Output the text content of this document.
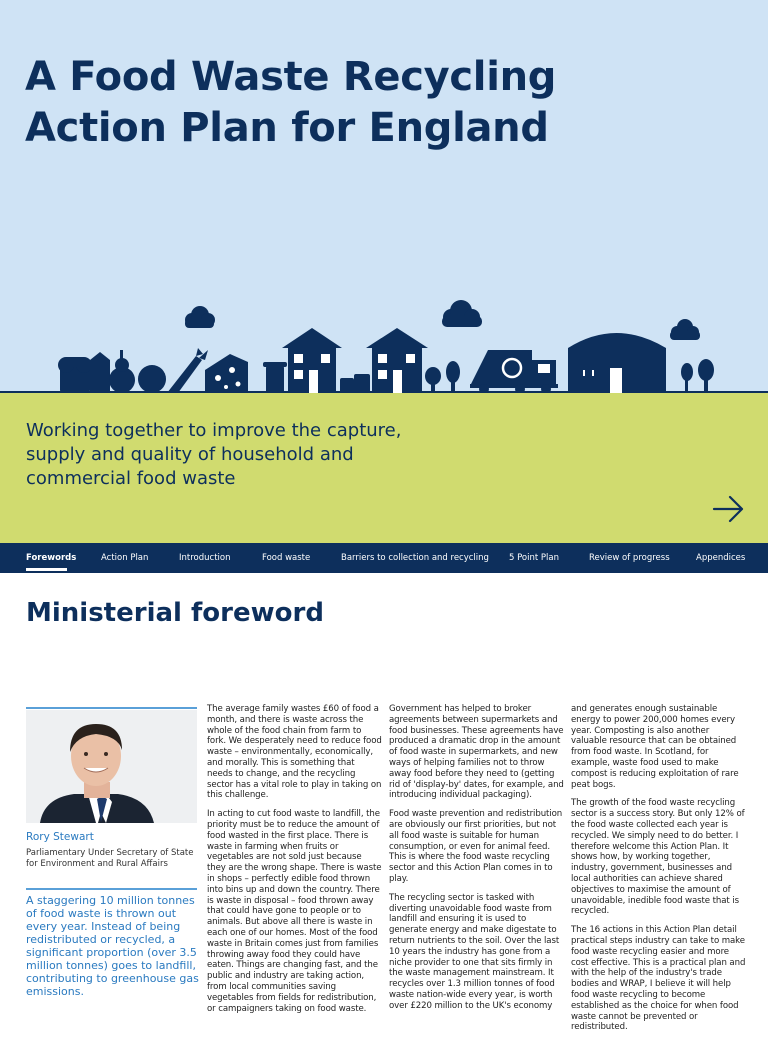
A Food Waste Recycling
Action Plan for England

Working together to improve the capture,
supply and quality of household and
commercial food waste

Forewords	Action Plan	Introduction	Food waste	Barriers to collection and recycling 5 Point Plan	Review of progress	Appendices
Ministerial foreword
Rory Stewart
Parliamentary Under Secretary of State
for Environment and Rural Affairs
A staggering 10 million tonnes of food waste is thrown out every year. Instead of being redistributed or recycled, a significant proportion (over 3.5 million tonnes) goes to landfill, contributing to greenhouse gas emissions.

The average family wastes £60 of food a month, and there is waste across the whole of the food chain from farm to fork. We desperately need to reduce food waste – environmentally, economically, and morally. This is something that needs to change, and the recycling sector has a vital role to play in taking on this challenge.

In acting to cut food waste to landfill, the priority must be to reduce the amount of food wasted in the first place. There is waste in farming when fruits or vegetables are not sold just because they are the wrong shape. There is waste in shops – perfectly edible food thrown into bins up and down the country. There is waste in disposal – food thrown away that could have gone to people or to animals. But above all there is waste in each one of our homes. Most of the food waste in Britain comes just from families throwing away food they could have eaten. Things are changing fast, and the public and industry are taking action, from local communities saving vegetables from fields for redistribution, or campaigners taking on food waste.

Government has helped to broker agreements between supermarkets and food businesses. These agreements have produced a dramatic drop in the amount of food waste in supermarkets, and new ways of helping families not to throw away food before they need to (getting rid of 'display-by' dates, for example, and introducing individual packaging).

Food waste prevention and redistribution are obviously our first priorities, but not all food waste is suitable for human consumption, or even for animal feed. This is where the food waste recycling sector and this Action Plan comes in to play.

The recycling sector is tasked with diverting unavoidable food waste from landfill and ensuring it is used to generate energy and make digestate to return nutrients to the soil. Over the last 10 years the industry has gone from a niche provider to one that sits firmly in the waste management mainstream. It recycles over 1.3 million tonnes of food waste nation-wide every year, is worth over £220 million to the UK's economy

and generates enough sustainable energy to power 200,000 homes every year. Composting is also another valuable resource that can be obtained from food waste. In Scotland, for example, waste food used to make compost is reducing exploitation of rare peat bogs.

The growth of the food waste recycling sector is a success story. But only 12% of the food waste collected each year is recycled. We simply need to do better. I therefore welcome this Action Plan. It shows how, by working together, industry, government, businesses and local authorities can achieve shared objectives to maximise the amount of unavoidable, inedible food waste that is recycled.

The 16 actions in this Action Plan detail practical steps industry can take to make food waste recycling easier and more cost effective. This is a practical plan and with the help of the industry's trade bodies and WRAP, I believe it will help food waste recycling to become established as the choice for when food waste cannot be prevented or redistributed.
